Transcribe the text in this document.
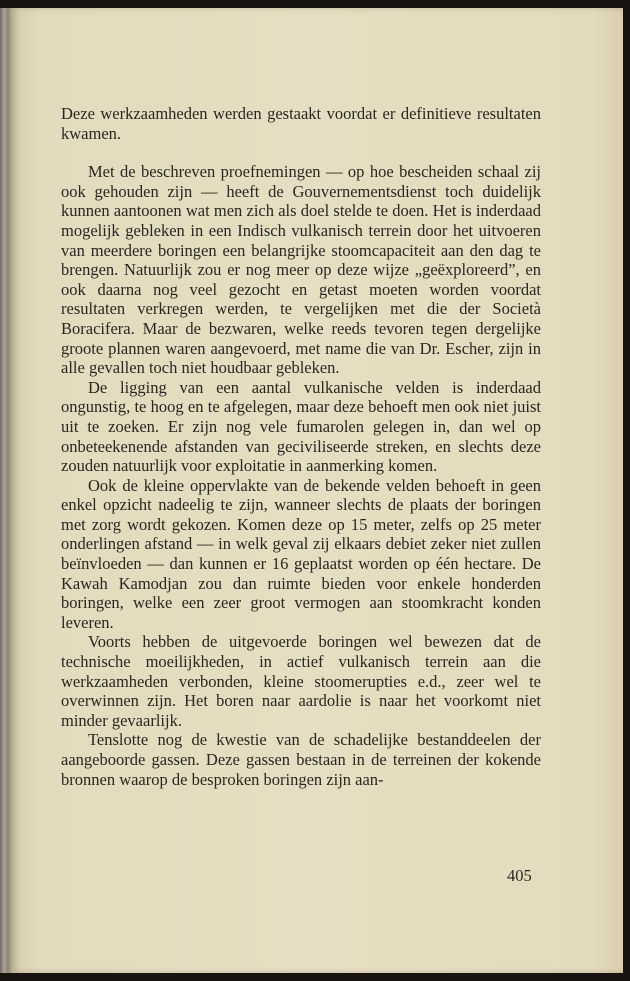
Deze werkzaamheden werden gestaakt voordat er definitieve resultaten kwamen.

Met de beschreven proefnemingen — op hoe bescheiden schaal zij ook gehouden zijn — heeft de Gouvernementsdienst toch duidelijk kunnen aantoonen wat men zich als doel stelde te doen. Het is inderdaad mogelijk gebleken in een Indisch vulkanisch terrein door het uitvoeren van meerdere boringen een belangrijke stoomcapaciteit aan den dag te brengen. Natuurlijk zou er nog meer op deze wijze „geëxploreerd”, en ook daarna nog veel gezocht en getast moeten worden voordat resultaten verkregen werden, te vergelijken met die der Società Boracifera. Maar de bezwaren, welke reeds tevoren tegen dergelijke groote plannen waren aangevoerd, met name die van Dr. Escher, zijn in alle gevallen toch niet houdbaar gebleken.

De ligging van een aantal vulkanische velden is inderdaad ongunstig, te hoog en te afgelegen, maar deze behoeft men ook niet juist uit te zoeken. Er zijn nog vele fumarolen gelegen in, dan wel op onbeteekenende afstanden van geciviliseerde streken, en slechts deze zouden natuurlijk voor exploitatie in aanmerking komen.

Ook de kleine oppervlakte van de bekende velden behoeft in geen enkel opzicht nadeelig te zijn, wanneer slechts de plaats der boringen met zorg wordt gekozen. Komen deze op 15 meter, zelfs op 25 meter onderlingen afstand — in welk geval zij elkaars debiet zeker niet zullen beïnvloeden — dan kunnen er 16 geplaatst worden op één hectare. De Kawah Kamodjan zou dan ruimte bieden voor enkele honderden boringen, welke een zeer groot vermogen aan stoomkracht konden leveren.

Voorts hebben de uitgevoerde boringen wel bewezen dat de technische moeilijkheden, in actief vulkanisch terrein aan die werkzaamheden verbonden, kleine stoomerupties e.d., zeer wel te overwinnen zijn. Het boren naar aardolie is naar het voorkomt niet minder gevaarlijk.

Tenslotte nog de kwestie van de schadelijke bestanddeelen der aangeboorde gassen. Deze gassen bestaan in de terreinen der kokende bronnen waarop de besproken boringen zijn aan-

405
